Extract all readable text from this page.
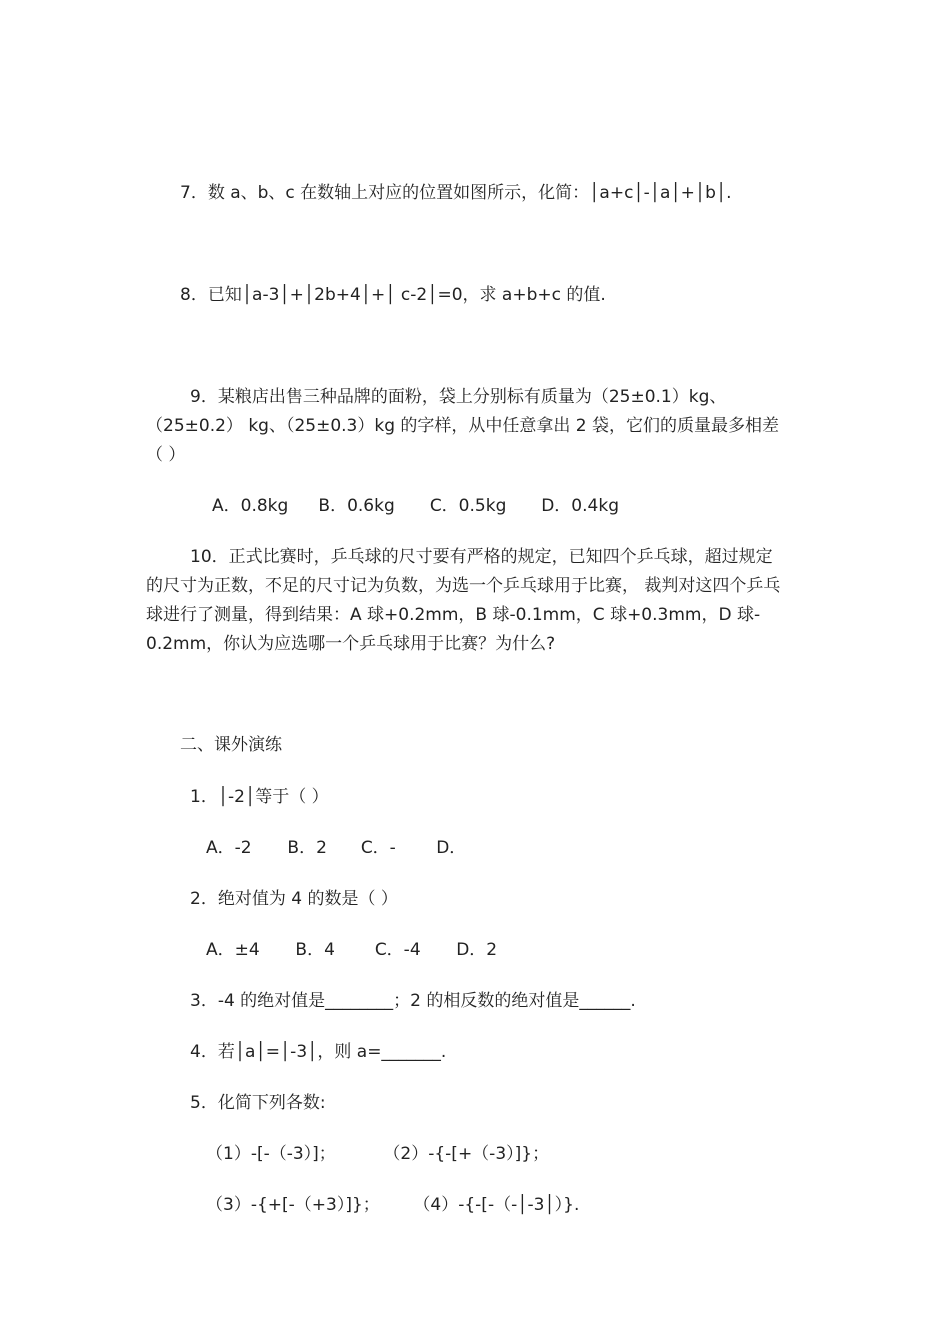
7．数 a、b、c 在数轴上对应的位置如图所示，化简：│a+c│-│a│+│b│.
8．已知│a-3│+│2b+4│+│ c-2│=0，求 a+b+c 的值.
9．某粮店出售三种品牌的面粉，袋上分别标有质量为（25±0.1）kg、
（25±0.2） kg、（25±0.3）kg 的字样，从中任意拿出 2 袋，它们的质量最多相差
（ ）
A．0.8kg B．0.6kg C．0.5kg D．0.4kg
10．正式比赛时，乒乓球的尺寸要有严格的规定，已知四个乒乓球，超过规定
的尺寸为正数，不足的尺寸记为负数，为选一个乒乓球用于比赛， 裁判对这四个乒乓
球进行了测量，得到结果：A 球+0.2mm，B 球-0.1mm，C 球+0.3mm，D 球-
0.2mm，你认为应选哪一个乒乓球用于比赛？为什么?
二、课外演练
1．│-2│等于（ ）
A．-2 B．2 C．- D．
2．绝对值为 4 的数是（ ）
A．±4 B．4 C．-4 D．2
3．-4 的绝对值是________；2 的相反数的绝对值是______.
4．若│a│=│-3│，则 a=_______.
5．化简下列各数:
（1）-[-（-3）]；	（2）-{-[+（-3）]}；
（3）-{+[-（+3）]}； （4）-{-[-（-│-3│）}.
